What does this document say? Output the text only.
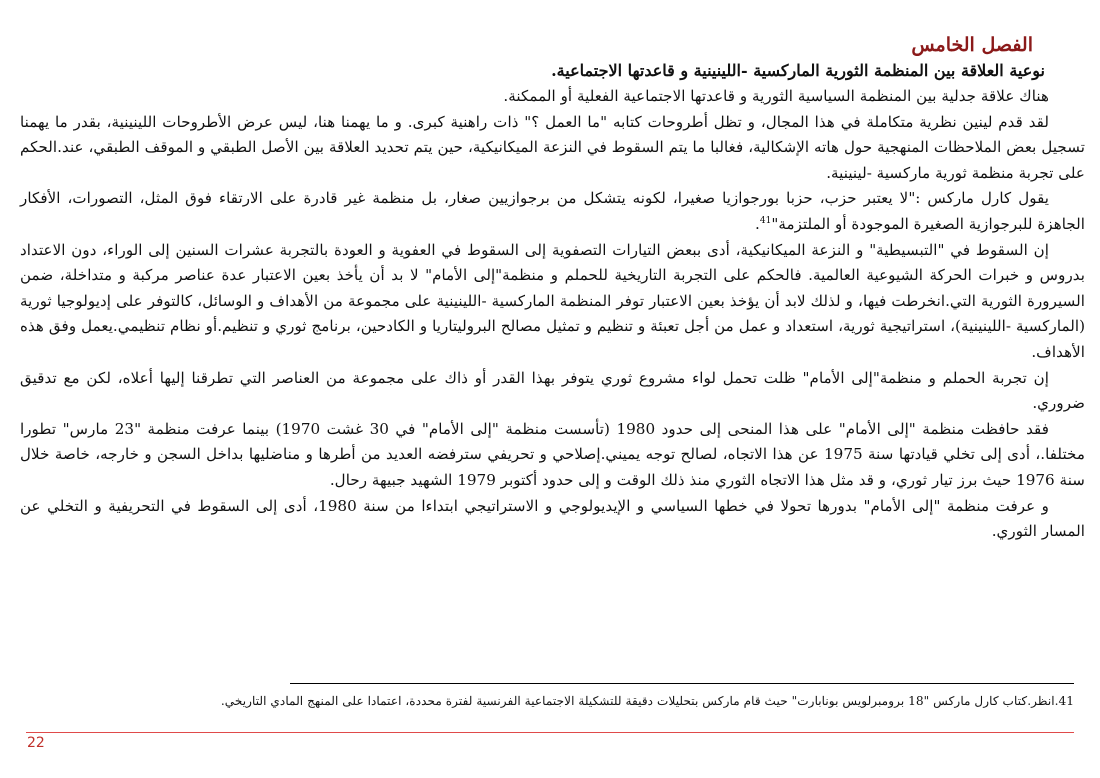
الفصل الخامس
نوعية العلاقة بين المنظمة الثورية الماركسية -اللينينية و قاعدتها الاجتماعية.

هناك علاقة جدلية بين المنظمة السياسية الثورية و قاعدتها الاجتماعية الفعلية أو الممكنة.

لقد قدم لينين نظرية متكاملة في هذا المجال، و تظل أطروحات كتابه "ما العمل ؟" ذات راهنية كبرى. و ما يهمنا هنا، ليس عرض الأطروحات اللينينية، بقدر ما يهمنا تسجيل بعض الملاحظات المنهجية حول هاته الإشكالية، فغالبا ما يتم السقوط في النزعة الميكانيكية، حين يتم تحديد العلاقة بين الأصل الطبقي و الموقف الطبقي، عند.الحكم على تجربة منظمة ثورية ماركسية -لينينية.

يقول كارل ماركس :"لا يعتبر حزب، حزبا بورجوازيا صغيرا، لكونه يتشكل من برجوازيين صغار، بل منظمة غير قادرة على الارتقاء فوق المثل، التصورات، الأفكار الجاهزة للبرجوازية الصغيرة الموجودة أو الملتزمة"$^{41}$.

إن السقوط في "التبسيطية" و النزعة الميكانيكية، أدى ببعض التيارات التصفوية إلى السقوط في العفوية و العودة بالتجربة عشرات السنين إلى الوراء، دون الاعتداد بدروس و خبرات الحركة الشيوعية العالمية. فالحكم على التجربة التاريخية للحملم و منظمة"إلى الأمام" لا بد أن يأخذ بعين الاعتبار عدة عناصر مركبة و متداخلة، ضمن السيرورة الثورية التي.انخرطت فيها، و لذلك لابد أن يؤخذ بعين الاعتبار توفر المنظمة الماركسية -اللينينية على مجموعة من الأهداف و الوسائل، كالتوفر على إديولوجيا ثورية (الماركسية -اللينينية)، استراتيجية ثورية، استعداد و عمل من أجل تعبئة و تنظيم و تمثيل مصالح البروليتاريا و الكادحين، برنامج ثوري و تنظيم.أو نظام تنظيمي.يعمل وفق هذه الأهداف.

إن تجربة الحملم و منظمة"إلى الأمام" ظلت تحمل لواء مشروع ثوري يتوفر بهذا القدر أو ذاك على مجموعة من العناصر التي تطرقنا إليها أعلاه، لكن مع تدقيق ضروري.

فقد حافظت منظمة "إلى الأمام" على هذا المنحى إلى حدود 1980 (تأسست منظمة "إلى الأمام" في 30 غشت 1970) بينما عرفت منظمة "23 مارس" تطورا مختلفا.، أدى إلى تخلي قيادتها سنة 1975 عن هذا الاتجاه، لصالح توجه يميني.إصلاحي و تحريفي سترفضه العديد من أطرها و مناضليها بداخل السجن و خارجه، خاصة خلال سنة 1976 حيث برز تيار ثوري، و قد مثل هذا الاتجاه الثوري منذ ذلك الوقت و إلى حدود أكتوبر 1979 الشهيد جبيهة رحال.

و عرفت منظمة "إلى الأمام" بدورها تحولا في خطها السياسي و الإيديولوجي و الاستراتيجي ابتداءا من سنة 1980، أدى إلى السقوط في التحريفية و التخلي عن المسار الثوري.

41.انظر.كتاب كارل ماركس "18 برومبرلويس بونابارت" حيث قام ماركس بتحليلات دقيقة للتشكيلة الاجتماعية الفرنسية لفترة محددة، اعتمادا على المنهج المادي التاريخي.
22
